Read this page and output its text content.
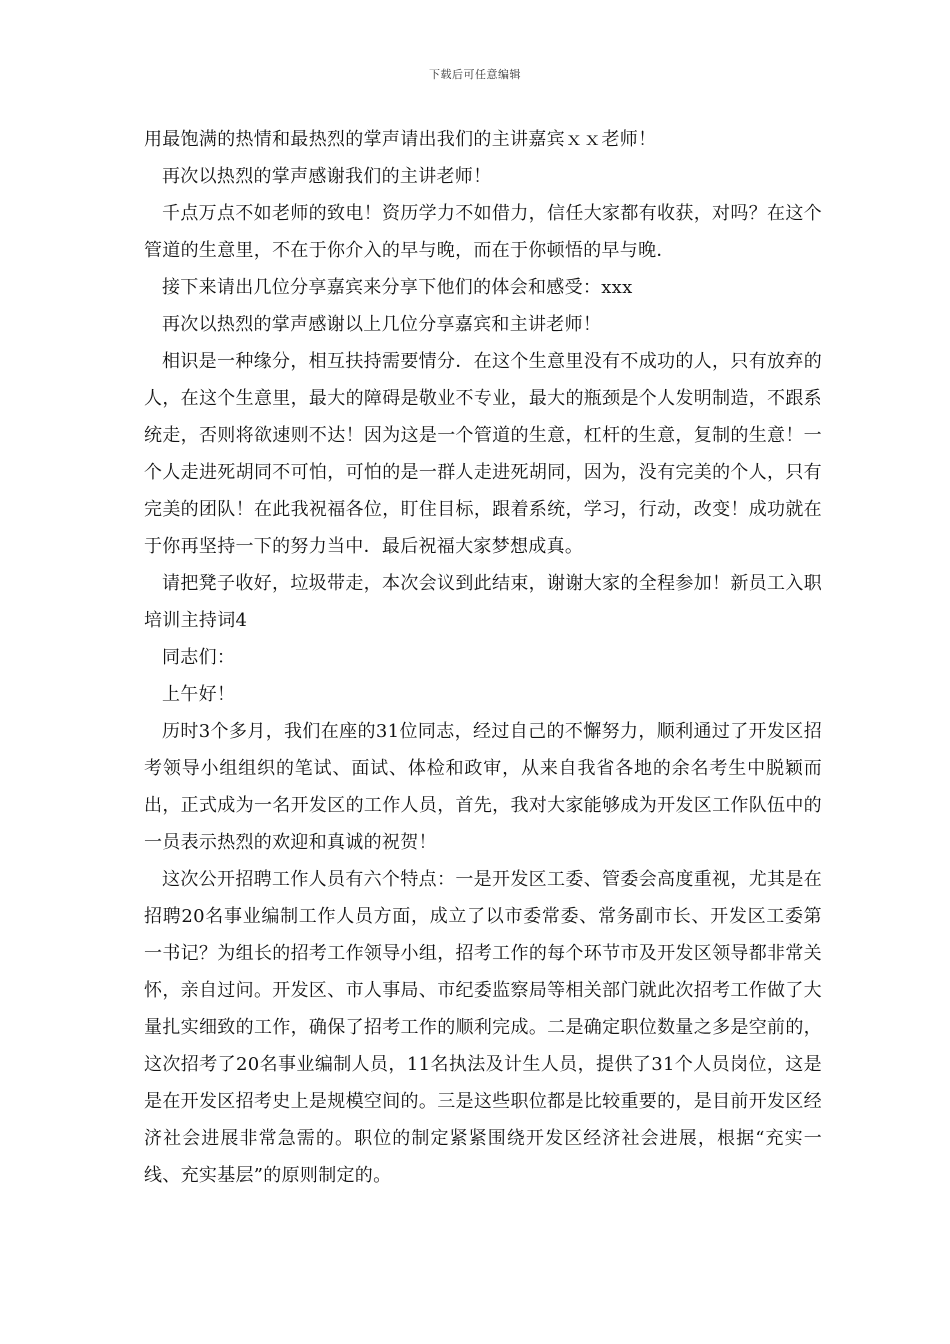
下载后可任意编辑

用最饱满的热情和最热烈的掌声请出我们的主讲嘉宾ｘｘ老师！

再次以热烈的掌声感谢我们的主讲老师！

千点万点不如老师的致电！资历学力不如借力，信任大家都有收获，对吗？在这个管道的生意里，不在于你介入的早与晚，而在于你顿悟的早与晚．

接下来请出几位分享嘉宾来分享下他们的体会和感受：xxx

再次以热烈的掌声感谢以上几位分享嘉宾和主讲老师！

相识是一种缘分，相互扶持需要情分．在这个生意里没有不成功的人，只有放弃的人，在这个生意里，最大的障碍是敬业不专业，最大的瓶颈是个人发明制造，不跟系统走，否则将欲速则不达！因为这是一个管道的生意，杠杆的生意，复制的生意！一个人走进死胡同不可怕，可怕的是一群人走进死胡同，因为，没有完美的个人，只有完美的团队！在此我祝福各位，盯住目标，跟着系统，学习，行动，改变！成功就在于你再坚持一下的努力当中．最后祝福大家梦想成真。

请把凳子收好，垃圾带走，本次会议到此结束，谢谢大家的全程参加！新员工入职培训主持词4

同志们：

上午好！

历时3个多月，我们在座的31位同志，经过自己的不懈努力，顺利通过了开发区招考领导小组组织的笔试、面试、体检和政审，从来自我省各地的余名考生中脱颖而出，正式成为一名开发区的工作人员，首先，我对大家能够成为开发区工作队伍中的一员表示热烈的欢迎和真诚的祝贺！

这次公开招聘工作人员有六个特点：一是开发区工委、管委会高度重视，尤其是在招聘20名事业编制工作人员方面，成立了以市委常委、常务副市长、开发区工委第一书记？为组长的招考工作领导小组，招考工作的每个环节市及开发区领导都非常关怀，亲自过问。开发区、市人事局、市纪委监察局等相关部门就此次招考工作做了大量扎实细致的工作，确保了招考工作的顺利完成。二是确定职位数量之多是空前的，这次招考了20名事业编制人员，11名执法及计生人员，提供了31个人员岗位，这是是在开发区招考史上是规模空间的。三是这些职位都是比较重要的，是目前开发区经济社会进展非常急需的。职位的制定紧紧围绕开发区经济社会进展，根据“充实一线、充实基层”的原则制定的。
